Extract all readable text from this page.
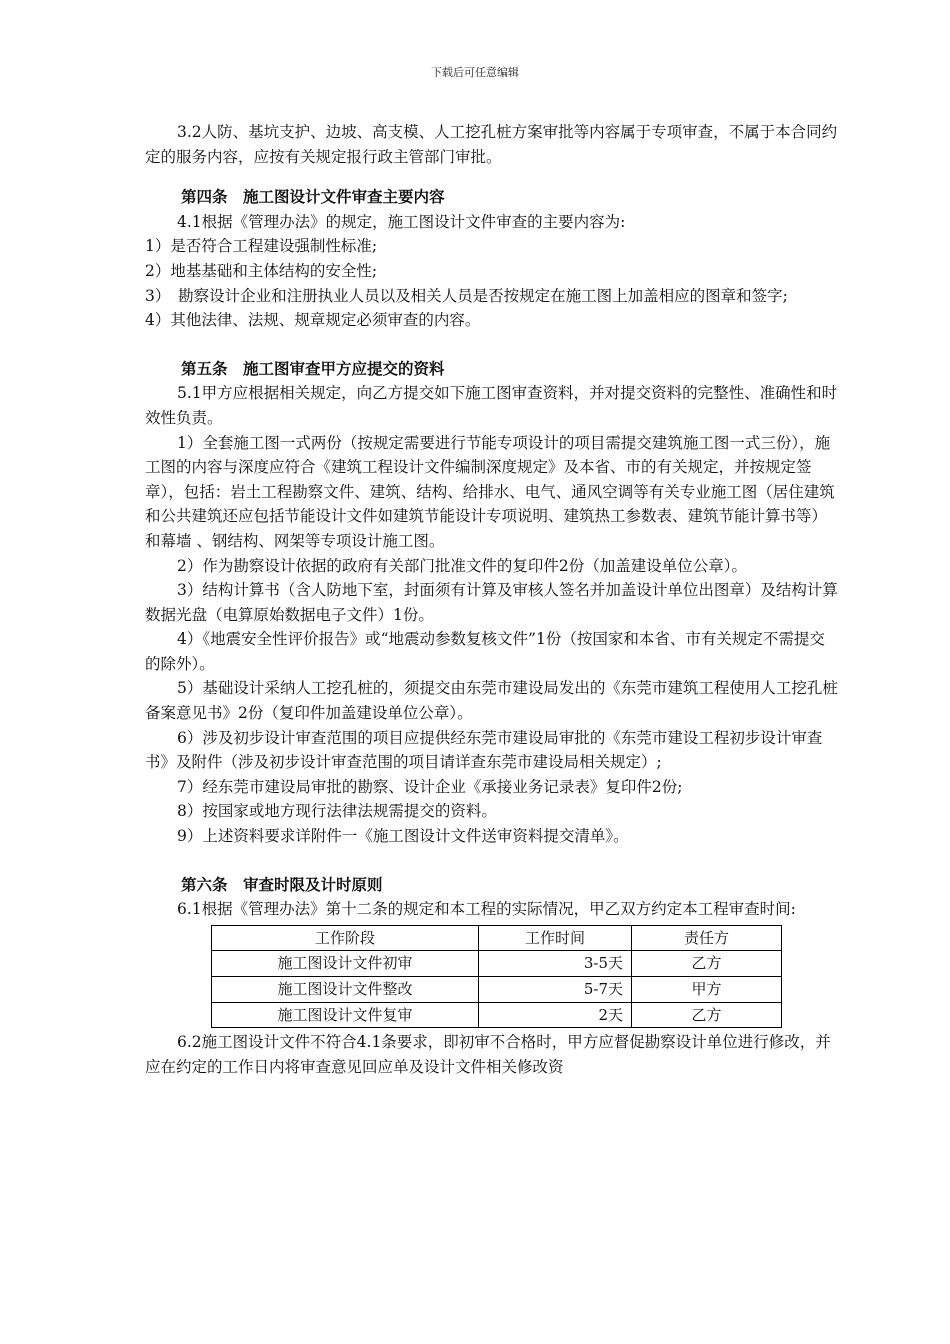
下载后可任意编辑

3.2人防、基坑支护、边坡、高支模、人工挖孔桩方案审批等内容属于专项审查，不属于本合同约定的服务内容，应按有关规定报行政主管部门审批。

第四条　施工图设计文件审查主要内容

4.1根据《管理办法》的规定，施工图设计文件审查的主要内容为:

1）是否符合工程建设强制性标准;

2）地基基础和主体结构的安全性;

3）　勘察设计企业和注册执业人员以及相关人员是否按规定在施工图上加盖相应的图章和签字;

4）其他法律、法规、规章规定必须审查的内容。

第五条　施工图审查甲方应提交的资料

5.1甲方应根据相关规定，向乙方提交如下施工图审查资料，并对提交资料的完整性、准确性和时效性负责。

1）全套施工图一式两份（按规定需要进行节能专项设计的项目需提交建筑施工图一式三份），施工图的内容与深度应符合《建筑工程设计文件编制深度规定》及本省、市的有关规定，并按规定签章），包括：岩土工程勘察文件、建筑、结构、给排水、电气、通风空调等有关专业施工图（居住建筑和公共建筑还应包括节能设计文件如建筑节能设计专项说明、建筑热工参数表、建筑节能计算书等）和幕墙 、钢结构、网架等专项设计施工图。

2）作为勘察设计依据的政府有关部门批准文件的复印件2份（加盖建设单位公章）。

3）结构计算书（含人防地下室，封面须有计算及审核人签名并加盖设计单位出图章）及结构计算数据光盘（电算原始数据电子文件）1份。

4）《地震安全性评价报告》或“地震动参数复核文件”1份（按国家和本省、市有关规定不需提交的除外）。

5）基础设计采纳人工挖孔桩的，须提交由东莞市建设局发出的《东莞市建筑工程使用人工挖孔桩备案意见书》2份（复印件加盖建设单位公章）。

6）涉及初步设计审查范围的项目应提供经东莞市建设局审批的《东莞市建设工程初步设计审查书》及附件（涉及初步设计审查范围的项目请详查东莞市建设局相关规定）;

7）经东莞市建设局审批的勘察、设计企业《承接业务记录表》复印件2份;

8）按国家或地方现行法律法规需提交的资料。

9）上述资料要求详附件一《施工图设计文件送审资料提交清单》。

第六条　审查时限及计时原则

6.1根据《管理办法》第十二条的规定和本工程的实际情况，甲乙双方约定本工程审查时间:

工作阶段	工作时间	责任方
施工图设计文件初审	3-5天	乙方
施工图设计文件整改	5-7天	甲方
施工图设计文件复审	2天	乙方

6.2施工图设计文件不符合4.1条要求，即初审不合格时，甲方应督促勘察设计单位进行修改，并应在约定的工作日内将审查意见回应单及设计文件相关修改资
